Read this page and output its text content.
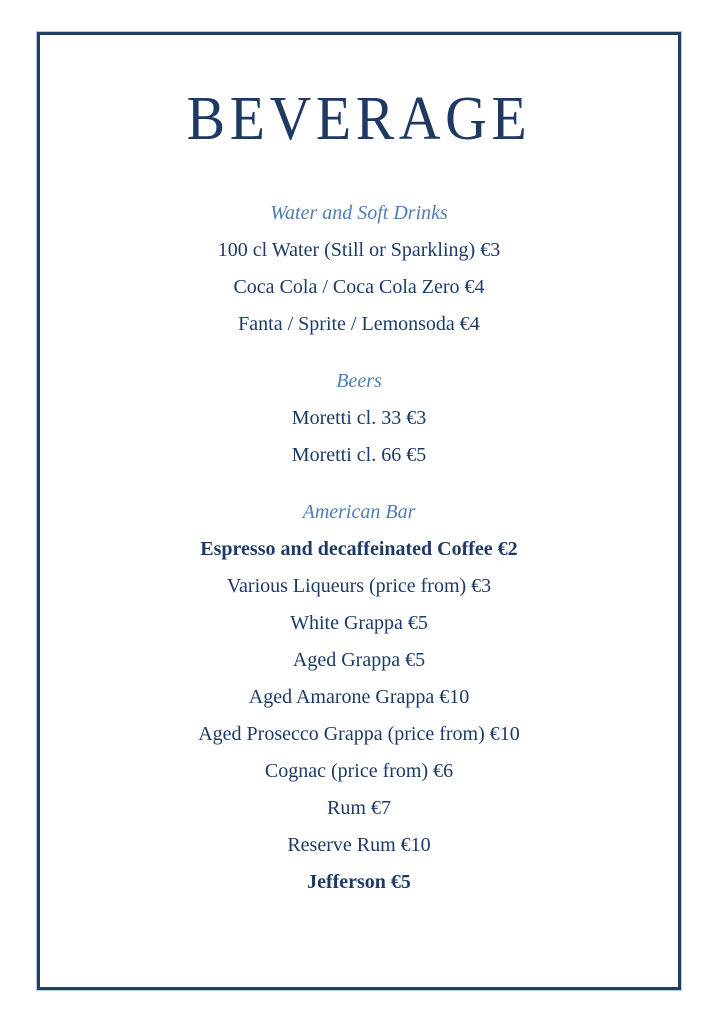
BEVERAGE
Water and Soft Drinks

100 cl Water (Still or Sparkling) €3

Coca Cola / Coca Cola Zero €4

Fanta / Sprite / Lemonsoda €4

Beers

Moretti cl. 33 €3

Moretti cl. 66 €5

American Bar

Espresso and decaffeinated Coffee €2

Various Liqueurs (price from) €3

White Grappa €5

Aged Grappa €5

Aged Amarone Grappa €10

Aged Prosecco Grappa (price from) €10

Cognac (price from) €6

Rum €7

Reserve Rum €10

Jefferson €5
